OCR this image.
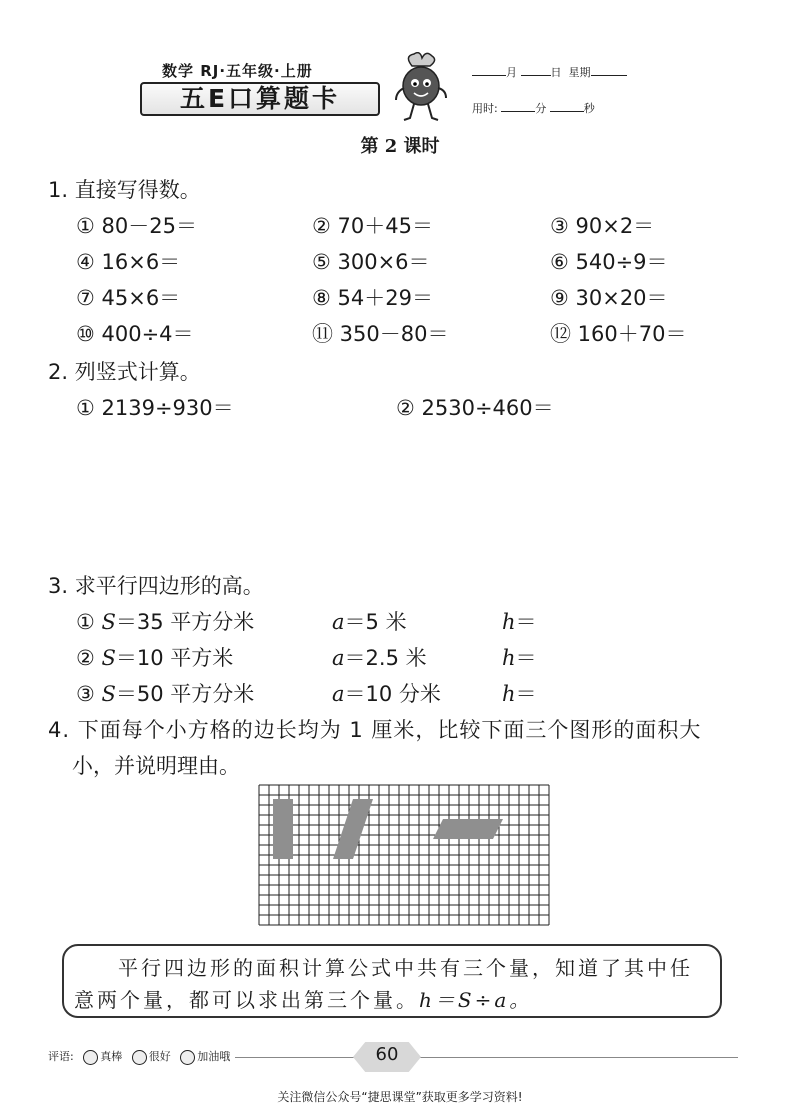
数学 RJ·五年级·上册
五E口算题卡
月	日 星期
用时:	分	秒
第 2 课时
1. 直接写得数。
① 80－25＝	② 70＋45＝	③ 90×2＝
④ 16×6＝	⑤ 300×6＝	⑥ 540÷9＝
⑦ 45×6＝	⑧ 54＋29＝	⑨ 30×20＝
⑩ 400÷4＝	⑪ 350－80＝	⑫ 160＋70＝
2. 列竖式计算。
① 2139÷930＝	② 2530÷460＝
3. 求平行四边形的高。
① S＝35 平方分米	a＝5 米	h＝
② S＝10 平方米	a＝2.5 米	h＝
③ S＝50 平方分米	a＝10 分米	h＝
4. 下面每个小方格的边长均为 1 厘米，比较下面三个图形的面积大
小，并说明理由。
平行四边形的面积计算公式中共有三个量，知道了其中任意两个量，都可以求出第三个量。h＝S÷a。
评语: 真棒 很好 加油哦	60
关注微信公众号“捷思课堂”获取更多学习资料!
